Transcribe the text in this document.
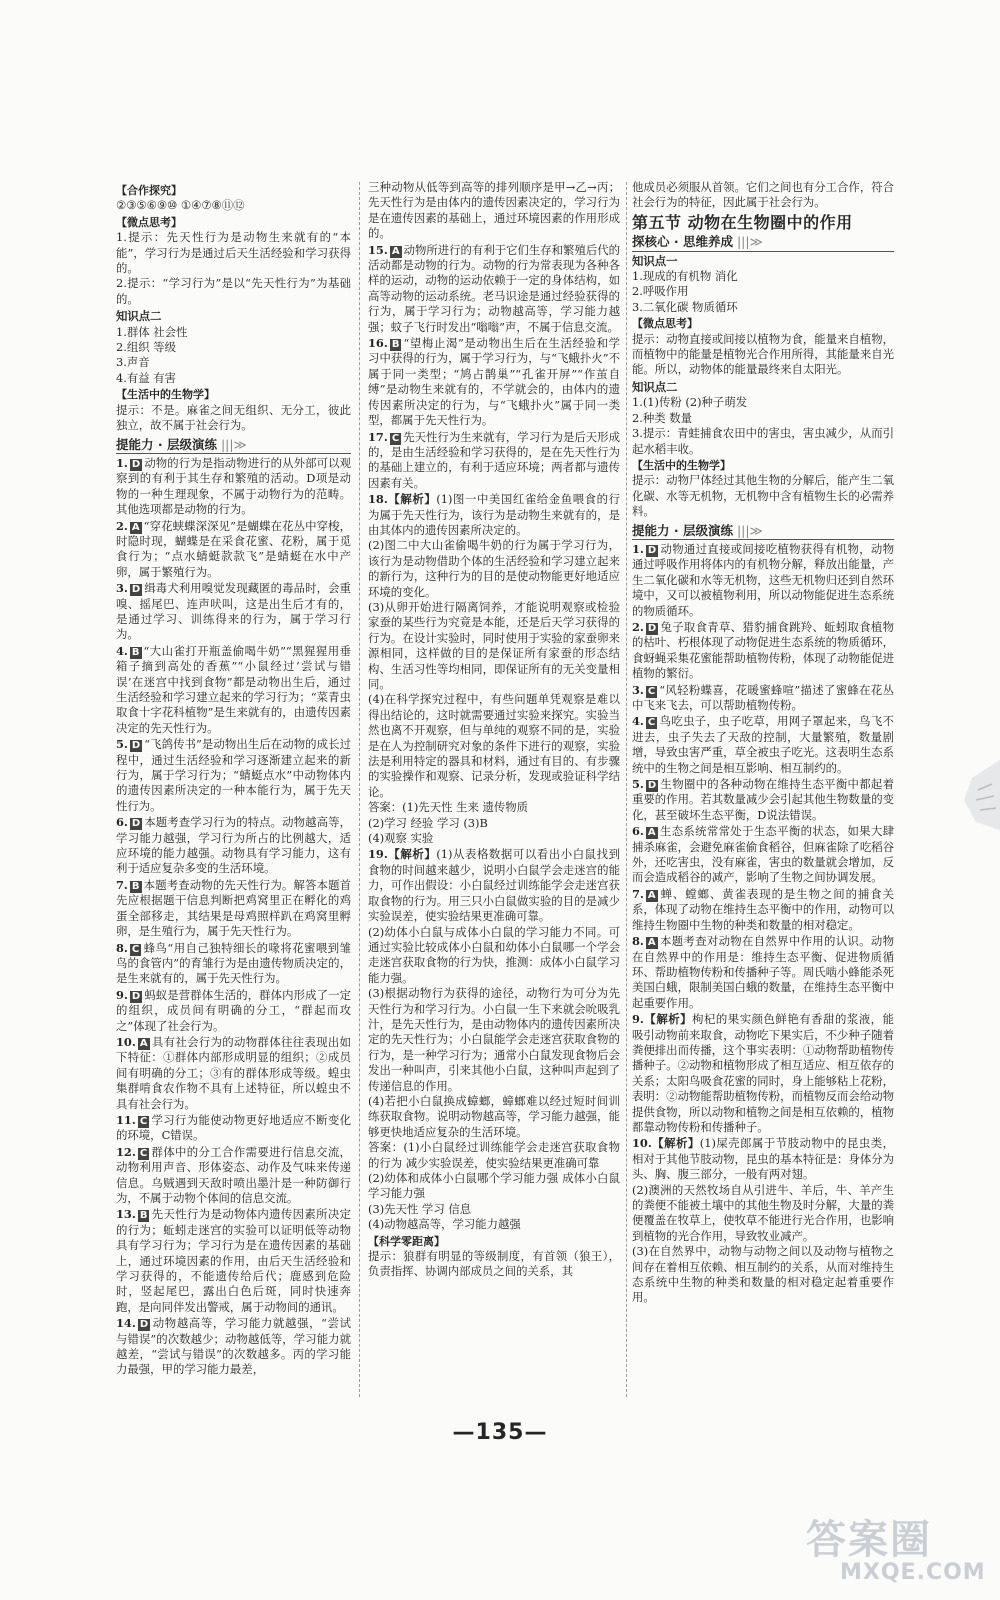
【合作探究】

②③⑤⑥⑨⑩ ①④⑦⑧⑪⑫

【微点思考】

1.提示：先天性行为是动物生来就有的“本能”，学习行为是通过后天生活经验和学习获得的。

2.提示：“学习行为”是以“先天性行为”为基础的。

知识点二

1.群体 社会性

2.组织 等级

3.声音

4.有益 有害

【生活中的生物学】

提示：不是。麻雀之间无组织、无分工，彼此独立，故不属于社会行为。

提能力 · 层级演练 |||≫

1. D 动物的行为是指动物进行的从外部可以观察到的有利于其生存和繁殖的活动。D项是动物的一种生理现象，不属于动物行为的范畴。其他选项都是动物的行为。

2. A “穿花蛱蝶深深见”是蝴蝶在花丛中穿梭，时隐时现，蝴蝶是在采食花蜜、花粉，属于觅食行为；“点水蜻蜓款款飞”是蜻蜓在水中产卵，属于繁殖行为。

3. D 缉毒犬利用嗅觉发现藏匿的毒品时，会重嗅、摇尾巴、连声吠叫，这是出生后才有的，是通过学习、训练得来的行为，属于学习行为。

4. B “大山雀打开瓶盖偷喝牛奶”“黑猩猩用垂箱子摘到高处的香蕉”“小鼠经过‘尝试与错误’在迷宫中找到食物”都是动物出生后，通过生活经验和学习建立起来的学习行为；“菜青虫取食十字花科植物”是生来就有的，由遗传因素决定的先天性行为。

5. D “飞鸽传书”是动物出生后在动物的成长过程中，通过生活经验和学习逐渐建立起来的新行为，属于学习行为；“蜻蜓点水”中动物体内的遗传因素所决定的一种本能行为，属于先天性行为。

6. D 本题考查学习行为的特点。动物越高等，学习能力越强，学习行为所占的比例越大，适应环境的能力越强。动物具有学习能力，这有利于适应复杂多变的生活环境。

7. B 本题考查动物的先天性行为。解答本题首先应根据题干信息判断把鸡窝里正在孵化的鸡蛋全部移走，其结果是母鸡照样趴在鸡窝里孵卵，是生殖行为，属于先天性行为。

8. C 蜂鸟“用自己独特细长的喙将花蜜喂到雏鸟的食管内”的育雏行为是由遗传物质决定的，是生来就有的，属于先天性行为。

9. D 蚂蚁是营群体生活的，群体内形成了一定的组织，成员间有明确的分工，“群起而攻之”体现了社会行为。

10. A 具有社会行为的动物群体往往表现出如下特征：①群体内部形成明显的组织；②成员间有明确的分工；③有的群体形成等级。蝗虫集群啃食农作物不具有上述特征，所以蝗虫不具有社会行为。

11. C 学习行为能使动物更好地适应不断变化的环境，C错误。

12. C 群体中的分工合作需要进行信息交流，动物利用声音、形体姿态、动作及气味来传递信息。乌贼遇到天敌时喷出墨汁是一种防御行为，不属于动物个体间的信息交流。

13. B 先天性行为是动物体内遗传因素所决定的行为；蚯蚓走迷宫的实验可以证明低等动物具有学习行为；学习行为是在遗传因素的基础上，通过环境因素的作用，由后天生活经验和学习获得的，不能遗传给后代；鹿感到危险时，竖起尾巴，露出白色后斑，同时快速奔跑，是向同伴发出警戒，属于动物间的通讯。

14. D 动物越高等，学习能力就越强，“尝试与错误”的次数越少；动物越低等，学习能力就越差，“尝试与错误”的次数越多。丙的学习能力最强，甲的学习能力最差，

三种动物从低等到高等的排列顺序是甲→乙→丙；先天性行为是由体内的遗传因素决定的，学习行为是在遗传因素的基础上，通过环境因素的作用形成的。

15. A 动物所进行的有利于它们生存和繁殖后代的活动都是动物的行为。动物的行为常表现为各种各样的运动，动物的运动依赖于一定的身体结构，如高等动物的运动系统。老马识途是通过经验获得的行为，属于学习行为；动物越高等，学习能力越强；蚊子飞行时发出“嗡嗡”声，不属于信息交流。

16. B “望梅止渴”是动物出生后在生活经验和学习中获得的行为，属于学习行为，与“飞蛾扑火”不属于同一类型；“鸠占鹊巢”“孔雀开屏”“作茧自缚”是动物生来就有的，不学就会的，由体内的遗传因素所决定的行为，与“飞蛾扑火”属于同一类型，都属于先天性行为。

17. C 先天性行为生来就有，学习行为是后天形成的，是由生活经验和学习获得的，是在先天性行为的基础上建立的，有利于适应环境；两者都与遗传因素有关。

18.【解析】(1)图一中美国红雀给金鱼喂食的行为属于先天性行为，该行为是动物生来就有的，是由其体内的遗传因素所决定的。

(2)图二中大山雀偷喝牛奶的行为属于学习行为，该行为是动物借助个体的生活经验和学习建立起来的新行为，这种行为的目的是使动物能更好地适应环境的变化。

(3)从卵开始进行隔离饲养，才能说明观察或检验家蚕的某些行为究竟是本能，还是后天学习获得的行为。在设计实验时，同时使用于实验的家蚕卵来源相同，这样做的目的是保证所有家蚕的形态结构、生活习性等均相同，即保证所有的无关变量相同。

(4)在科学探究过程中，有些问题单凭观察是难以得出结论的，这时就需要通过实验来探究。实验当然也离不开观察，但与单纯的观察不同的是，实验是在人为控制研究对象的条件下进行的观察，实验法是利用特定的器具和材料，通过有目的、有步骤的实验操作和观察、记录分析，发现或验证科学结论。

答案：(1)先天性 生来 遗传物质

(2)学习 经验 学习 (3)B

(4)观察 实验

19.【解析】(1)从表格数据可以看出小白鼠找到食物的时间越来越少，说明小白鼠学会走迷宫的能力，可作出假设：小白鼠经过训练能学会走迷宫获取食物的行为。用三只小白鼠做实验的目的是减少实验误差，使实验结果更准确可靠。

(2)幼体小白鼠与成体小白鼠的学习能力不同。可通过实验比较成体小白鼠和幼体小白鼠哪一个学会走迷宫获取食物的行为快，推测：成体小白鼠学习能力强。

(3)根据动物行为获得的途径，动物行为可分为先天性行为和学习行为。小白鼠一生下来就会吮吸乳汁，是先天性行为，是由动物体内的遗传因素所决定的先天性行为；小白鼠能学会走迷宫获取食物的行为，是一种学习行为；通常小白鼠发现食物后会发出一种叫声，引来其他小白鼠，这种叫声起到了传递信息的作用。

(4)若把小白鼠换成蟑螂，蟑螂难以经过短时间训练获取食物。说明动物越高等，学习能力越强，能够更快地适应复杂的生活环境。

答案：(1)小白鼠经过训练能学会走迷宫获取食物的行为 减少实验误差，使实验结果更准确可靠

(2)幼体和成体小白鼠哪个学习能力强 成体小白鼠学习能力强

(3)先天性 学习 信息

(4)动物越高等，学习能力越强

【科学零距离】

提示：狼群有明显的等级制度，有首领（狼王），负责指挥、协调内部成员之间的关系，其

他成员必须服从首领。它们之间也有分工合作，符合社会行为的特征，因此属于社会行为。

第五节 动物在生物圈中的作用
探核心 · 思维养成 |||≫
知识点一

1.现成的有机物 消化

2.呼吸作用

3.二氧化碳 物质循环

【微点思考】

提示：动物直接或间接以植物为食，能量来自植物，而植物中的能量是植物光合作用所得，其能量来自光能。所以，动物体的能量最终来自太阳光。

知识点二

1.(1)传粉 (2)种子萌发

2.种类 数量

3.提示：青蛙捕食农田中的害虫，害虫减少，从而引起水稻丰收。

【生活中的生物学】

提示：动物尸体经过其他生物的分解后，能产生二氧化碳、水等无机物，无机物中含有植物生长的必需养料。

提能力 · 层级演练 |||≫

1. D 动物通过直接或间接吃植物获得有机物，动物通过呼吸作用将体内的有机物分解，释放出能量，产生二氧化碳和水等无机物，这些无机物归还到自然环境中，又可以被植物利用，所以动物能促进生态系统的物质循环。

2. D 兔子取食青草、猎豹捕食跳羚、蚯蚓取食植物的枯叶、朽根体现了动物促进生态系统的物质循环，食蚜蝇采集花蜜能帮助植物传粉，体现了动物能促进植物的繁衍。

3. C “风轻粉蝶喜，花暖蜜蜂喧”描述了蜜蜂在花丛中飞来飞去，可以帮助植物传粉。

4. C 鸟吃虫子，虫子吃草，用网子罩起来，鸟飞不进去，虫子失去了天敌的控制，大量繁殖，数量剧增，导致虫害严重，草全被虫子吃光。这表明生态系统中的生物之间是相互影响、相互制约的。

5. D 生物圈中的各种动物在维持生态平衡中都起着重要的作用。若其数量减少会引起其他生物数量的变化，甚至破坏生态平衡，D说法错误。

6. A 生态系统常常处于生态平衡的状态，如果大肆捕杀麻雀，会避免麻雀偷食稻谷，但麻雀除了吃稻谷外，还吃害虫，没有麻雀，害虫的数量就会增加，反而会造成稻谷的减产，影响了生物之间协调发展。

7. A 蝉、螳螂、黄雀表现的是生物之间的捕食关系，体现了动物在维持生态平衡中的作用，动物可以维持生物圈中生物的种类和数量的相对稳定。

8. A 本题考查对动物在自然界中作用的认识。动物在自然界中的作用是：维持生态平衡、促进物质循环、帮助植物传粉和传播种子等。周氏啮小蜂能杀死美国白蛾，限制美国白蛾的数量，在维持生态平衡中起重要作用。

9.【解析】枸杞的果实颜色鲜艳有香甜的浆液，能吸引动物前来取食，动物吃下果实后，不少种子随着粪便排出而传播，这个事实表明：①动物帮助植物传播种子。②动物和植物形成了相互适应、相互依存的关系；太阳鸟吸食花蜜的同时，身上能够粘上花粉，表明：②动物能帮助植物传粉，而植物反而会给动物提供食物，所以动物和植物之间是相互依赖的，植物都靠动物传粉和传播种子。

10.【解析】(1)屎壳郎属于节肢动物中的昆虫类，相对于其他节肢动物，昆虫的基本特征是：身体分为头、胸、腹三部分，一般有两对翅。

(2)澳洲的天然牧场自从引进牛、羊后，牛、羊产生的粪便不能被土壤中的其他生物及时分解，大量的粪便覆盖在牧草上，使牧草不能进行光合作用，也影响到植物的光合作用，导致牧业减产。

(3)在自然界中，动物与动物之间以及动物与植物之间存在着相互依赖、相互制约的关系，从而对维持生态系统中生物的种类和数量的相对稳定起着重要作用。

—135—
答案圈
MXQE.COM
